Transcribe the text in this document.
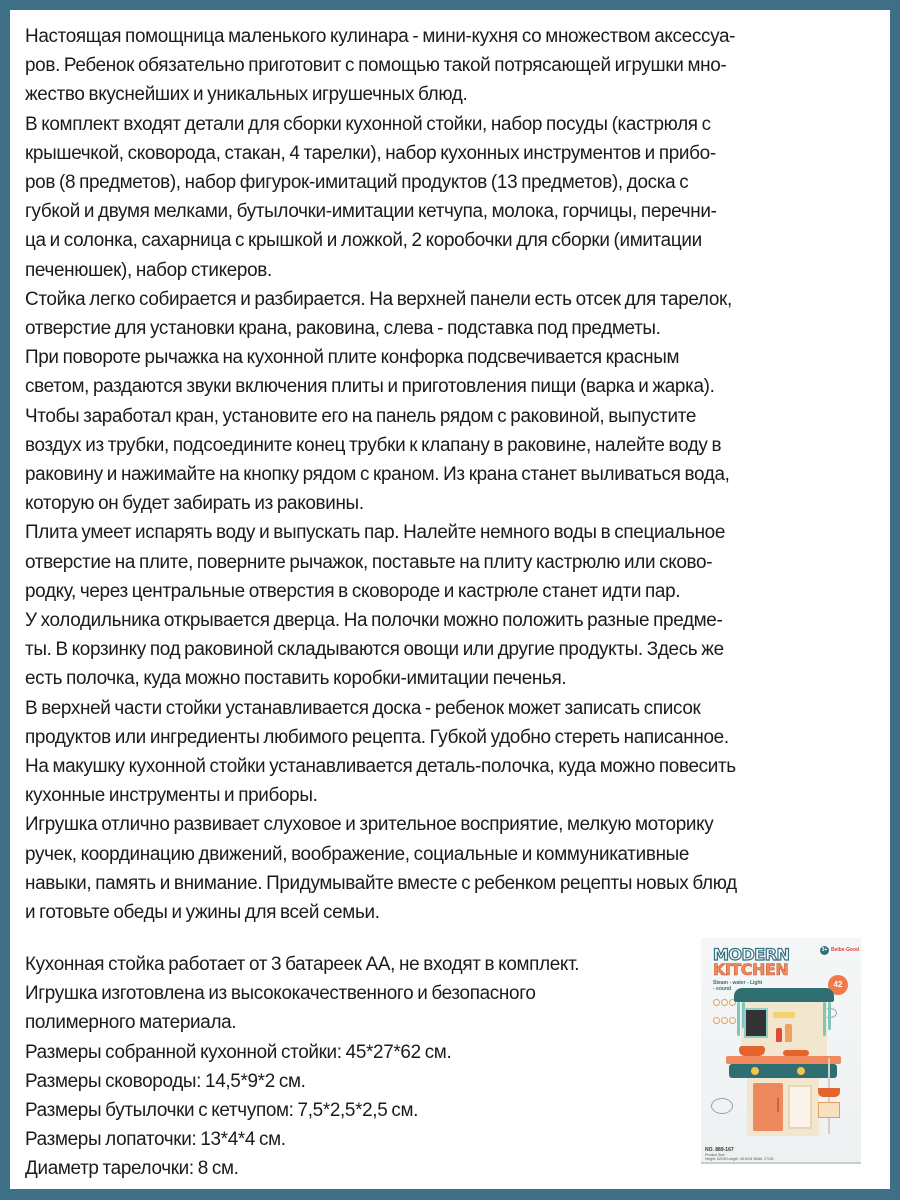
Настоящая помощница маленького кулинара - мини-кухня со множеством аксессуа-

ров. Ребенок обязательно приготовит с помощью такой потрясающей игрушки мно-

жество вкуснейших и уникальных игрушечных блюд.

В комплект входят детали для сборки кухонной стойки, набор посуды (кастрюля с

крышечкой, сковорода, стакан, 4 тарелки), набор кухонных инструментов и прибо-

ров (8 предметов), набор фигурок-имитаций продуктов (13 предметов), доска с

губкой и двумя мелками, бутылочки-имитации кетчупа, молока, горчицы, перечни-

ца и солонка, сахарница с крышкой и ложкой, 2 коробочки для сборки (имитации

печенюшек), набор стикеров.

Стойка легко собирается и разбирается. На верхней панели есть отсек для тарелок,

отверстие для установки крана, раковина, слева - подставка под предметы.

При повороте рычажка на кухонной плите конфорка подсвечивается красным

светом, раздаются звуки включения плиты и приготовления пищи (варка и жарка).

Чтобы заработал кран, установите его на панель рядом с раковиной, выпустите

воздух из трубки, подсоедините конец трубки к клапану в раковине, налейте воду в

раковину и нажимайте на кнопку рядом с краном. Из крана станет выливаться вода,

которую он будет забирать из раковины.

Плита умеет испарять воду и выпускать пар. Налейте немного воды в специальное

отверстие на плите, поверните рычажок, поставьте на плиту кастрюлю или сково-

родку, через центральные отверстия в сковороде и кастрюле станет идти пар.

У холодильника открывается дверца. На полочки можно положить разные предме-

ты. В корзинку под раковиной складываются овощи или другие продукты. Здесь же

есть полочка, куда можно поставить коробки-имитации печенья.

В верхней части стойки устанавливается доска - ребенок может записать список

продуктов или ингредиенты любимого рецепта. Губкой удобно стереть написанное.

На макушку кухонной стойки устанавливается деталь-полочка, куда можно повесить

кухонные инструменты и приборы.

Игрушка отлично развивает слуховое и зрительное восприятие, мелкую моторику

ручек, координацию движений, воображение, социальные и коммуникативные

навыки, память и внимание. Придумывайте вместе с ребенком рецепты новых блюд

и готовьте обеды и ужины для всей семьи.

Кухонная стойка работает от 3 батареек АА, не входят в комплект.

Игрушка изготовлена из высококачественного и безопасного

полимерного материала.

Размеры собранной кухонной стойки: 45*27*62 см.

Размеры сковороды: 14,5*9*2 см.

Размеры бутылочки с кетчупом: 7,5*2,5*2,5 см.

Размеры лопаточки: 13*4*4 см.

Диаметр тарелочки: 8 см.

MODERN
KITCHEN
Steam - water - Light - sound
3+ Beibe Good
42
NO. 889-167
Product Size
Height: 62CM Length: 45.5CM Width: 27CM
